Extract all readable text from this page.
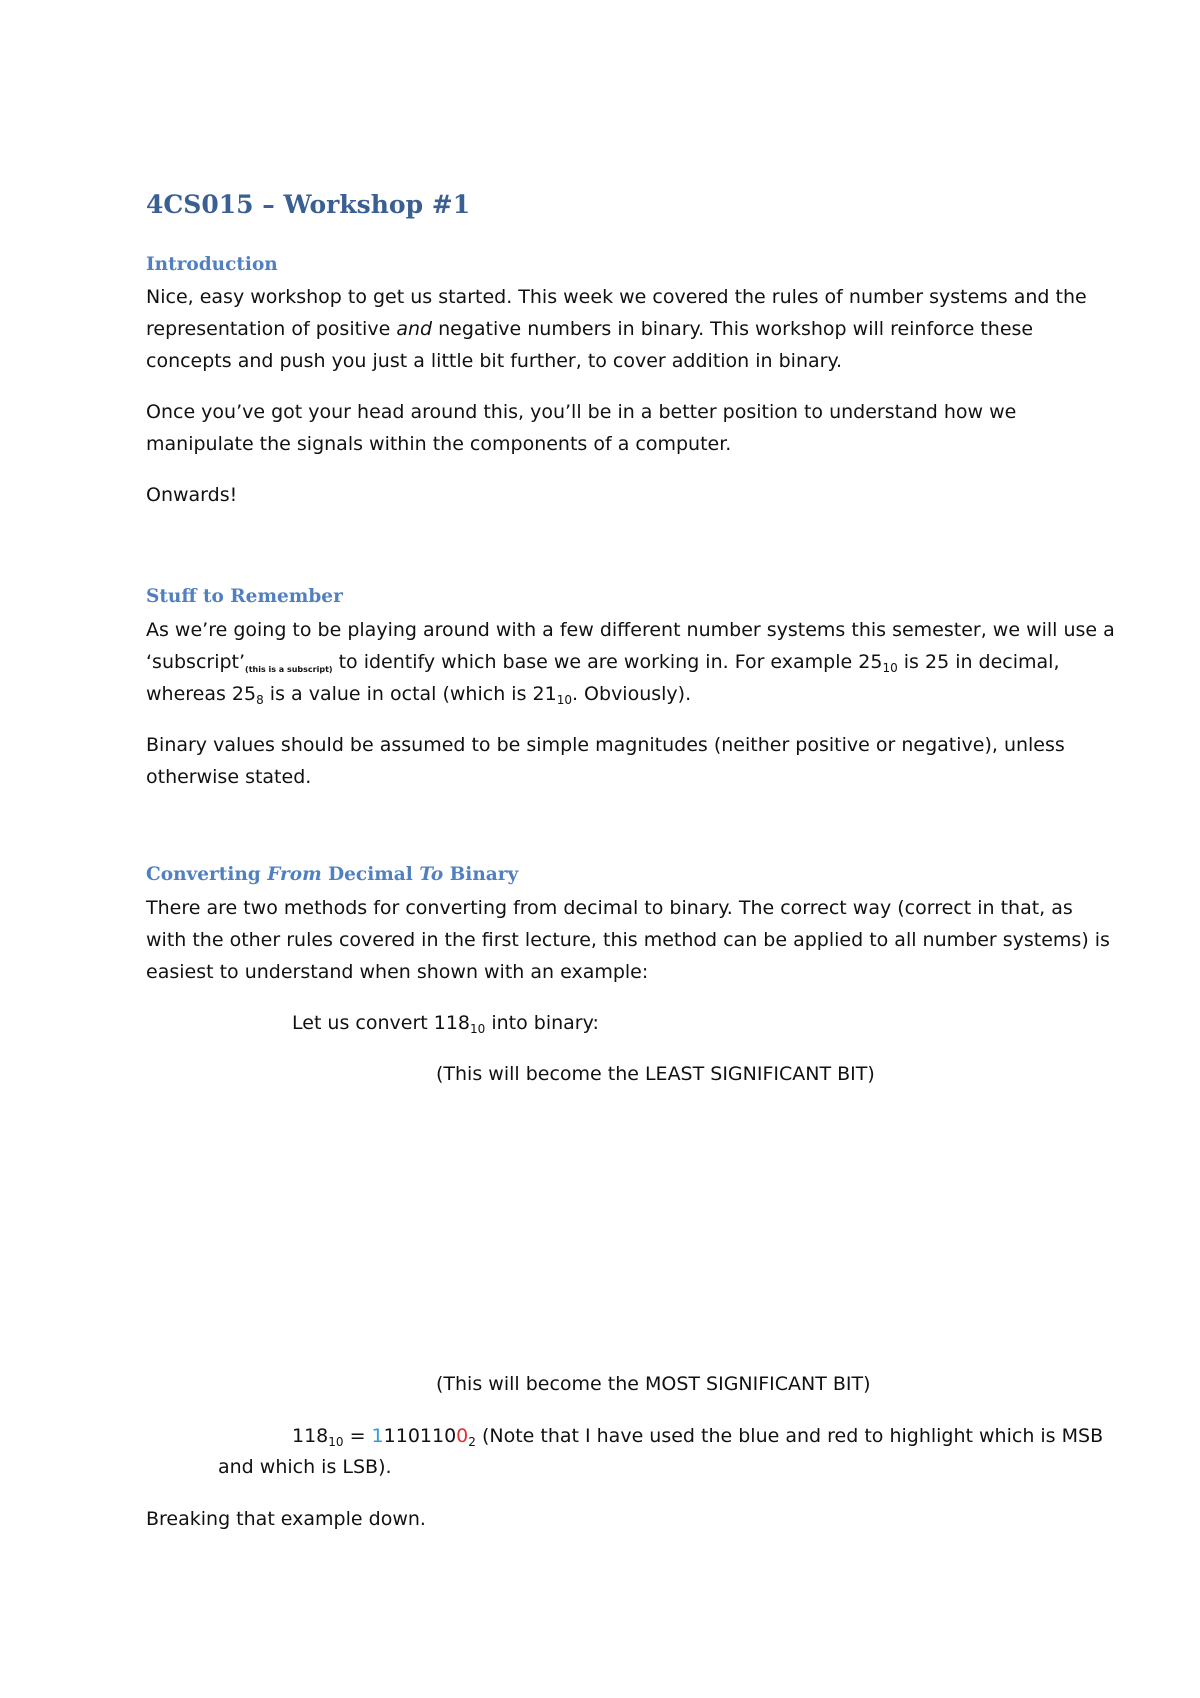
4CS015 – Workshop #1
Introduction
Nice, easy workshop to get us started. This week we covered the rules of number systems and the
representation of positive and negative numbers in binary. This workshop will reinforce these
concepts and push you just a little bit further, to cover addition in binary.
Once you’ve got your head around this, you’ll be in a better position to understand how we
manipulate the signals within the components of a computer.
Onwards!
Stuff to Remember
As we’re going to be playing around with a few different number systems this semester, we will use a
‘$subscript’_{(this is a subscript)}$ to identify which base we are working in. For example $25_{10}$ is 25 in decimal,
whereas $25_8$ is a value in octal (which is $21_{10}$. Obviously).
Binary values should be assumed to be simple magnitudes (neither positive or negative), unless
otherwise stated.
Converting From Decimal To Binary
There are two methods for converting from decimal to binary. The correct way (correct in that, as
with the other rules covered in the first lecture, this method can be applied to all number systems) is
easiest to understand when shown with an example:
Let us convert $118_{10}$ into binary:
(This will become the LEAST SIGNIFICANT BIT)
(This will become the MOST SIGNIFICANT BIT)
$118_{10} = 11101100_2$ (Note that I have used the blue and red to highlight which is MSB
and which is LSB).
Breaking that example down.
